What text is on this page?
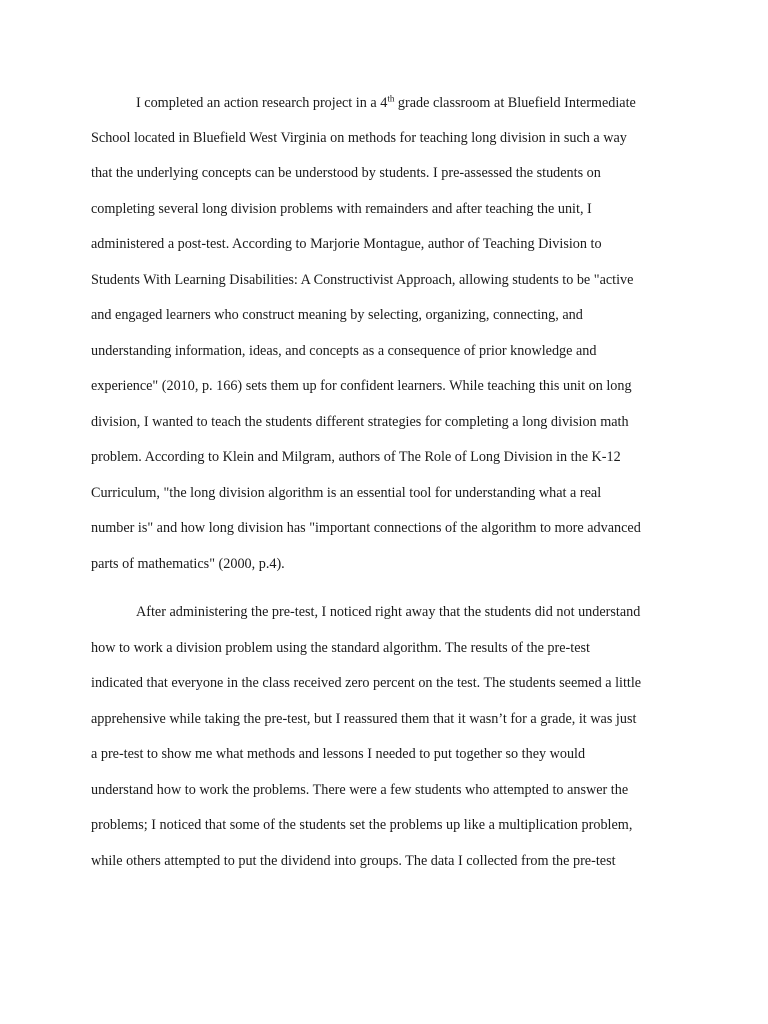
I completed an action research project in a 4th grade classroom at Bluefield Intermediate
School located in Bluefield West Virginia on methods for teaching long division in such a way
that the underlying concepts can be understood by students. I pre-assessed the students on
completing several long division problems with remainders and after teaching the unit, I
administered a post-test. According to Marjorie Montague, author of Teaching Division to
Students With Learning Disabilities: A Constructivist Approach, allowing students to be "active
and engaged learners who construct meaning by selecting, organizing, connecting, and
understanding information, ideas, and concepts as a consequence of prior knowledge and
experience" (2010, p. 166) sets them up for confident learners. While teaching this unit on long
division, I wanted to teach the students different strategies for completing a long division math
problem. According to Klein and Milgram, authors of The Role of Long Division in the K-12
Curriculum, "the long division algorithm is an essential tool for understanding what a real
number is" and how long division has "important connections of the algorithm to more advanced
parts of mathematics" (2000, p.4).
After administering the pre-test, I noticed right away that the students did not understand
how to work a division problem using the standard algorithm. The results of the pre-test
indicated that everyone in the class received zero percent on the test. The students seemed a little
apprehensive while taking the pre-test, but I reassured them that it wasn’t for a grade, it was just
a pre-test to show me what methods and lessons I needed to put together so they would
understand how to work the problems. There were a few students who attempted to answer the
problems; I noticed that some of the students set the problems up like a multiplication problem,
while others attempted to put the dividend into groups. The data I collected from the pre-test
